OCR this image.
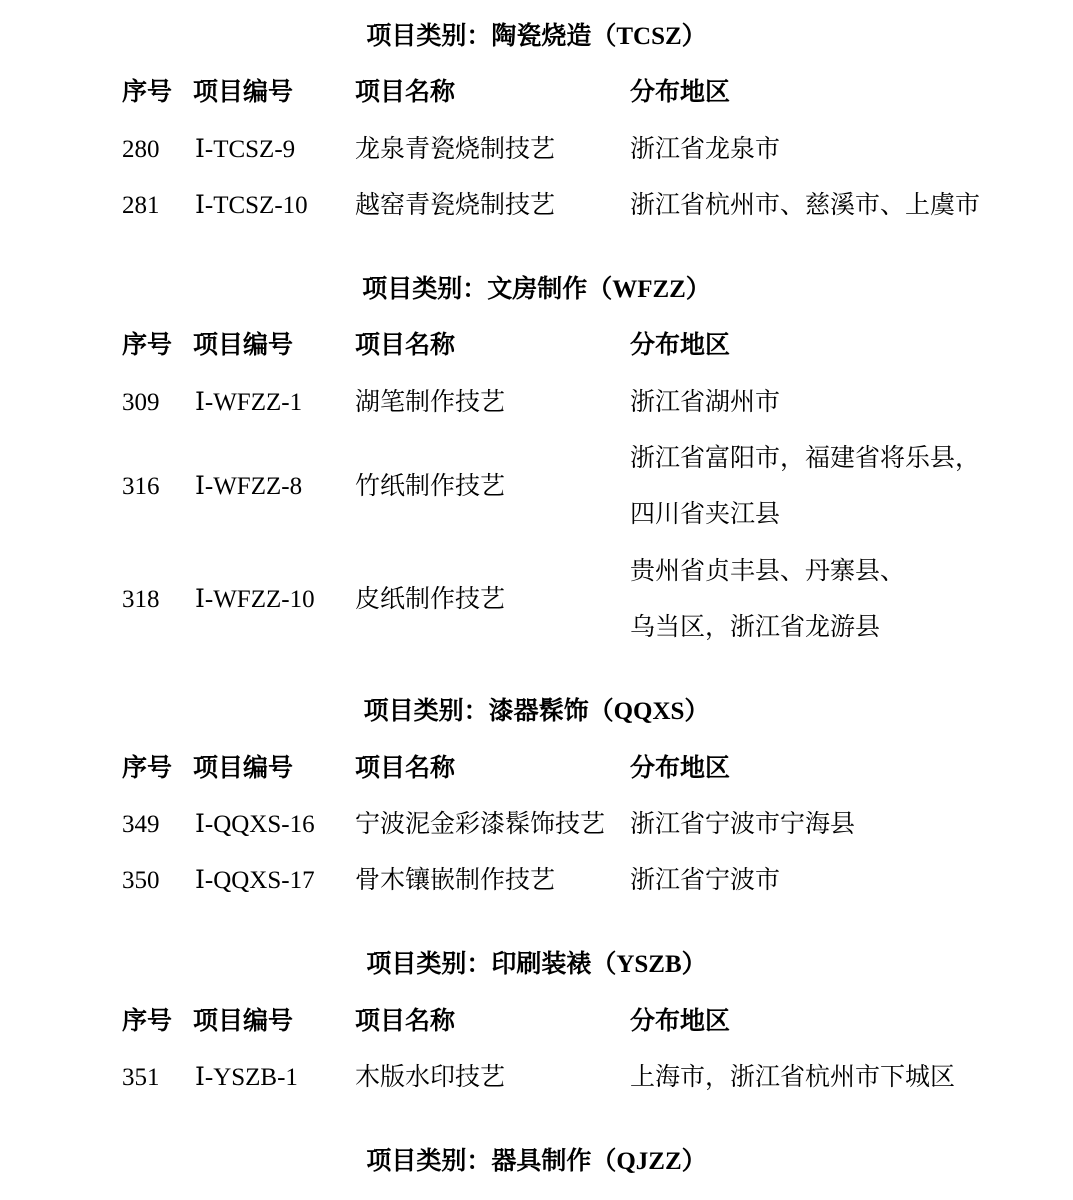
项目类别：陶瓷烧造（TCSZ）
序号 项目编号	项目名称	分布地区
280	Ⅰ-TCSZ-9	龙泉青瓷烧制技艺	浙江省龙泉市
281	Ⅰ-TCSZ-10	越窑青瓷烧制技艺	浙江省杭州市、慈溪市、上虞市
项目类别：文房制作（WFZZ）
序号 项目编号	项目名称	分布地区
309	Ⅰ-WFZZ-1	湖笔制作技艺	浙江省湖州市
316	Ⅰ-WFZZ-8	竹纸制作技艺
浙江省富阳市，福建省将乐县，
四川省夹江县
318	Ⅰ-WFZZ-10	皮纸制作技艺
贵州省贞丰县、丹寨县、
乌当区，浙江省龙游县
项目类别：漆器髹饰（QQXS）
序号 项目编号	项目名称	分布地区
349	Ⅰ-QQXS-16	宁波泥金彩漆髹饰技艺 浙江省宁波市宁海县
350	Ⅰ-QQXS-17	骨木镶嵌制作技艺	浙江省宁波市
项目类别：印刷装裱（YSZB）
序号 项目编号	项目名称	分布地区
351	Ⅰ-YSZB-1	木版水印技艺	上海市，浙江省杭州市下城区
项目类别：器具制作（QJZZ）
